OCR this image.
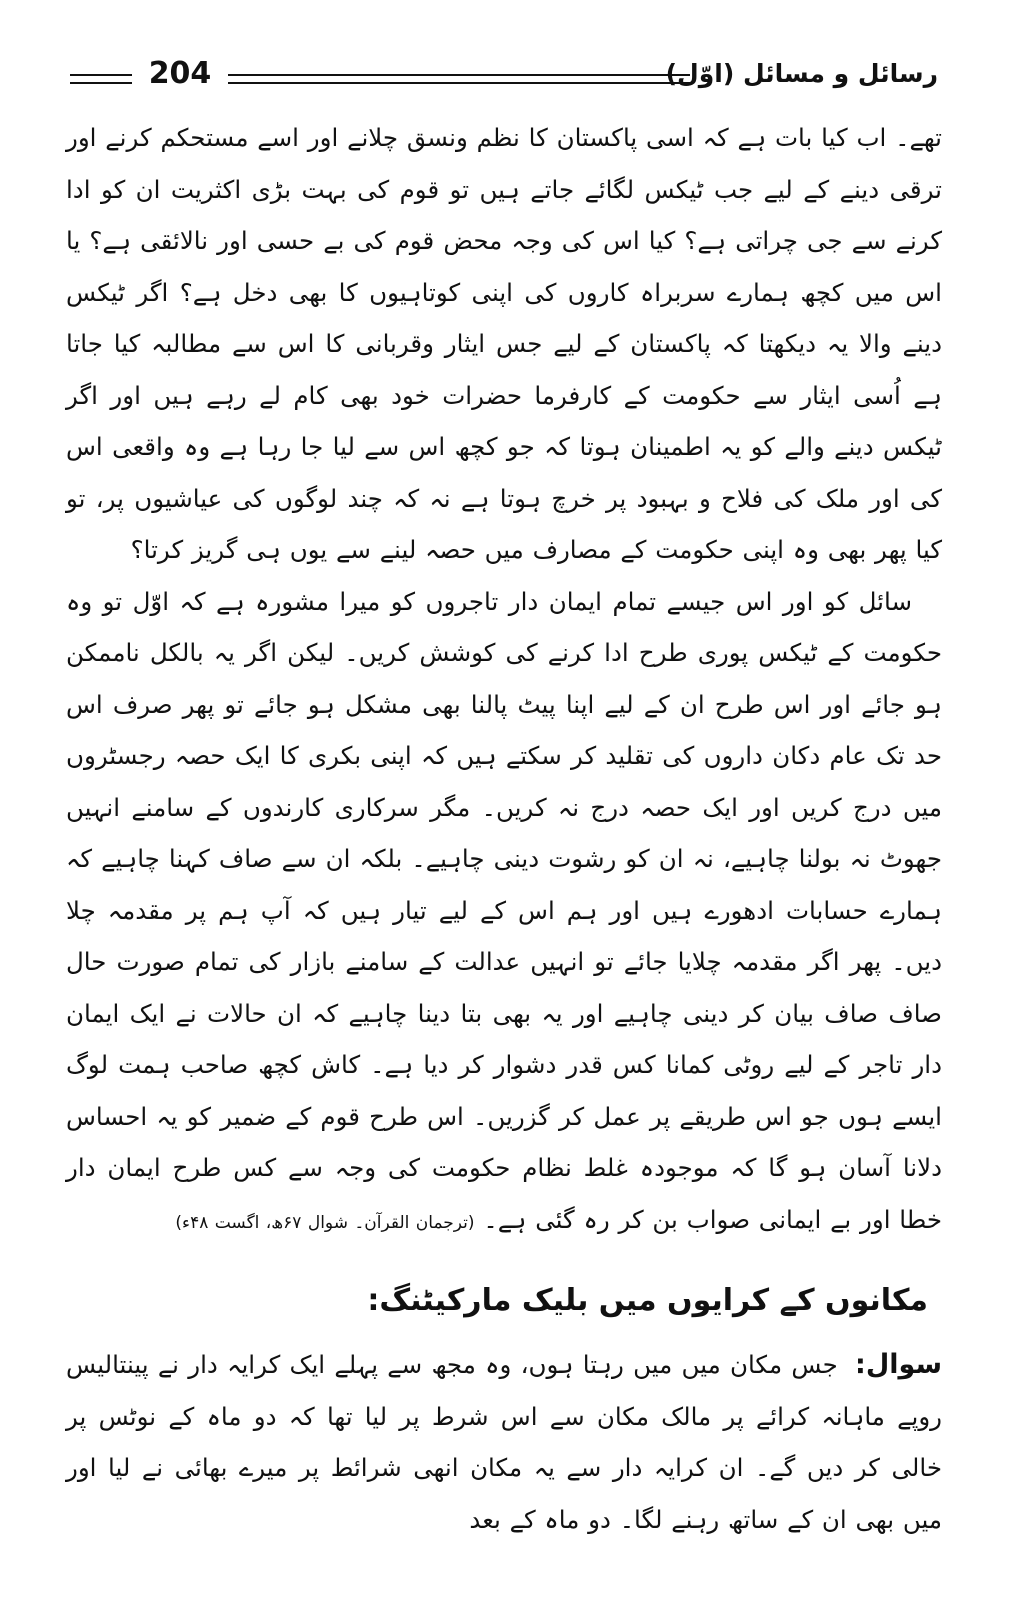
204	رسائل و مسائل (اوّل)

تھے۔ اب کیا بات ہے کہ اسی پاکستان کا نظم ونسق چلانے اور اسے مستحکم کرنے اور ترقی دینے کے لیے جب ٹیکس لگائے جاتے ہیں تو قوم کی بہت بڑی اکثریت ان کو ادا کرنے سے جی چراتی ہے؟ کیا اس کی وجہ محض قوم کی بے حسی اور نالائقی ہے؟ یا اس میں کچھ ہمارے سربراہ کاروں کی اپنی کوتاہیوں کا بھی دخل ہے؟ اگر ٹیکس دینے والا یہ دیکھتا کہ پاکستان کے لیے جس ایثار وقربانی کا اس سے مطالبہ کیا جاتا ہے اُسی ایثار سے حکومت کے کارفرما حضرات خود بھی کام لے رہے ہیں اور اگر ٹیکس دینے والے کو یہ اطمینان ہوتا کہ جو کچھ اس سے لیا جا رہا ہے وہ واقعی اس کی اور ملک کی فلاح و بہبود پر خرچ ہوتا ہے نہ کہ چند لوگوں کی عیاشیوں پر، تو کیا پھر بھی وہ اپنی حکومت کے مصارف میں حصہ لینے سے یوں ہی گریز کرتا؟

سائل کو اور اس جیسے تمام ایمان دار تاجروں کو میرا مشورہ ہے کہ اوّل تو وہ حکومت کے ٹیکس پوری طرح ادا کرنے کی کوشش کریں۔ لیکن اگر یہ بالکل ناممکن ہو جائے اور اس طرح ان کے لیے اپنا پیٹ پالنا بھی مشکل ہو جائے تو پھر صرف اس حد تک عام دکان داروں کی تقلید کر سکتے ہیں کہ اپنی بکری کا ایک حصہ رجسٹروں میں درج کریں اور ایک حصہ درج نہ کریں۔ مگر سرکاری کارندوں کے سامنے انہیں جھوٹ نہ بولنا چاہیے، نہ ان کو رشوت دینی چاہیے۔ بلکہ ان سے صاف کہنا چاہیے کہ ہمارے حسابات ادھورے ہیں اور ہم اس کے لیے تیار ہیں کہ آپ ہم پر مقدمہ چلا دیں۔ پھر اگر مقدمہ چلایا جائے تو انہیں عدالت کے سامنے بازار کی تمام صورت حال صاف صاف بیان کر دینی چاہیے اور یہ بھی بتا دینا چاہیے کہ ان حالات نے ایک ایمان دار تاجر کے لیے روٹی کمانا کس قدر دشوار کر دیا ہے۔ کاش کچھ صاحب ہمت لوگ ایسے ہوں جو اس طریقے پر عمل کر گزریں۔ اس طرح قوم کے ضمیر کو یہ احساس دلانا آسان ہو گا کہ موجودہ غلط نظام حکومت کی وجہ سے کس طرح ایمان دار خطا اور بے ایمانی صواب بن کر رہ گئی ہے۔ (ترجمان القرآن۔ شوال ۶۷ھ، اگست ۴۸ء)

مکانوں کے کرایوں میں بلیک مارکیٹنگ:

سوال: جس مکان میں میں رہتا ہوں، وہ مجھ سے پہلے ایک کرایہ دار نے پینتالیس روپے ماہانہ کرائے پر مالک مکان سے اس شرط پر لیا تھا کہ دو ماہ کے نوٹس پر خالی کر دیں گے۔ ان کرایہ دار سے یہ مکان انھی شرائط پر میرے بھائی نے لیا اور میں بھی ان کے ساتھ رہنے لگا۔ دو ماہ کے بعد
